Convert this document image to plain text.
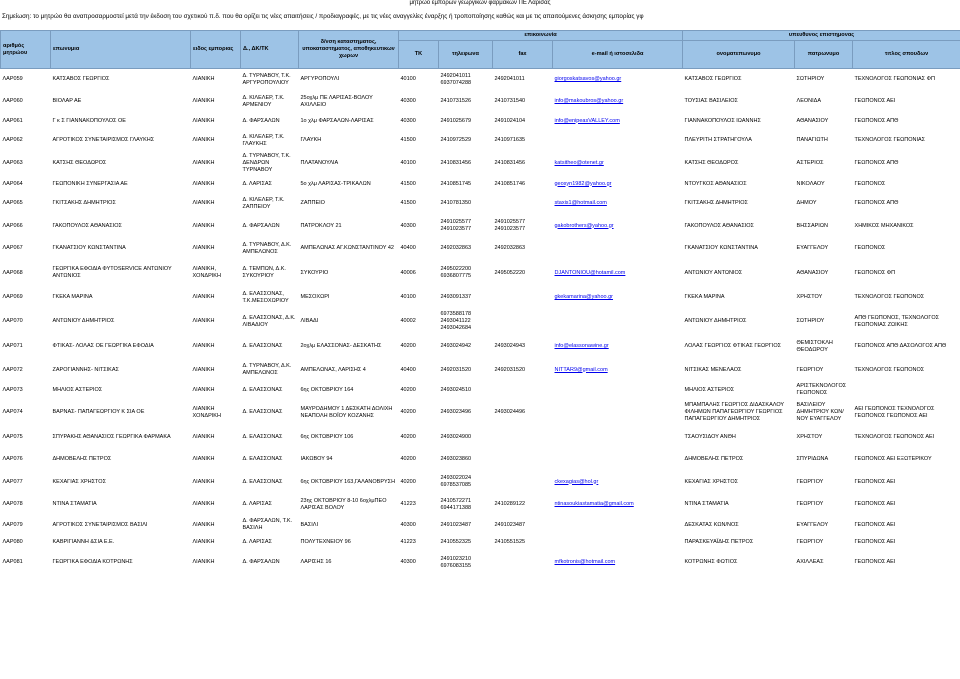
μητρώο εμπόρων γεωργικών φαρμάκων ΠΕ Λάρισας
Σημείωση: το μητρώο θα αναπροσαρμοστεί μετά την έκδοση του σχετικού π.δ. που θα ορίζει τις νέες απαιτήσεις / προδιαγραφές, με τις νέες αναγγελίες έναρξης ή τροποποίησης καθώς και με τις απαιτούμενες άσκησης εμπορίας γφ
αριθμός μητρώου	επωνυμια	ειδος εμποριας	Δ., ΔΚ/ΤΚ	δ/νση καταστηματος, υποκαταστηματος, αποθηκευτικων χωρων	επικοινωνία				υπευθυνος επιστημονας		
					ΤΚ	τηλεφωνα	fax	e-mail ή ιστοσελιδα	ονοματεπωνυμο	πατρωνυμο	τιτλος σπουδων
ΛΑΡ059	ΚΑΤΣΑΒΟΣ ΓΕΩΡΓΙΟΣ	ΛΙΑΝΙΚΗ	Δ. ΤΥΡΝΑΒΟΥ, Τ.Κ. ΑΡΓΥΡΟΠΟΥΛΙΟΥ	ΑΡΓΥΡΟΠΟΥΛΙ	40100	2492041011 6937074288	2492041011	giorgoskatsavos@yahoo.gr	ΚΑΤΣΑΒΟΣ ΓΕΩΡΓΙΟΣ	ΣΩΤΗΡΙΟΥ	ΤΕΧΝΟΛΟΓΟΣ ΓΕΩΠΟΝΙΑΣ ΦΠ
ΛΑΡ060	ΒΙΟΛΑΡ ΑΕ	ΛΙΑΝΙΚΗ	Δ. ΚΙΛΕΛΕΡ, Τ.Κ. ΑΡΜΕΝΙΟΥ	25οχλμ ΠΕ ΛΑΡΙΣΑΣ-ΒΟΛΟΥ ΑΧΙΛΛΕΙΟ	40300	2410731526	2410731540	info@makoubros@yahoo.gr	ΤΟΥΣΙΑΣ ΒΑΣΙΛΕΙΟΣ	ΛΕΟΝΙΔΑ	ΓΕΩΠΟΝΟΣ ΑΕΙ
ΛΑΡ061	Γ κ Σ ΓΙΑΝΝΑΚΟΠΟΥΛΟΣ ΟΕ	ΛΙΑΝΙΚΗ	Δ. ΦΑΡΣΑΛΩΝ	1ο χλμ ΦΑΡΣΑΛΩΝ-ΛΑΡΙΣΑΣ	40300	2491025679	2491024104	info@enipeasVALLEY.com	ΓΙΑΝΝΑΚΟΠΟΥΛΟΣ ΙΩΑΝΝΗΣ	ΑΘΑΝΑΣΙΟΥ	ΓΕΩΠΟΝΟΣ ΑΠΘ
ΛΑΡ062	ΑΓΡΟΤΙΚΟΣ ΣΥΝΕΤΑΙΡΙΣΜΟΣ ΓΛΑΥΚΗΣ	ΛΙΑΝΙΚΗ	Δ. ΚΙΛΕΛΕΡ, Τ.Κ. ΓΛΑΥΚΗΣ	ΓΛΑΥΚΗ	41500	2410972529	2410971635		ΠΛΕΥΡΙΤΗ ΣΤΡΑΤΗΓΟΥΛΑ	ΠΑΝΑΓΙΩΤΗ	ΤΕΧΝΟΛΟΓΟΣ ΓΕΩΠΟΝΙΑΣ
ΛΑΡ063	ΚΑΤΣΗΣ ΘΕΟΔΩΡΟΣ	ΛΙΑΝΙΚΗ	Δ. ΤΥΡΝΑΒΟΥ, Τ.Κ. ΔΕΝΔΡΩΝ ΤΥΡΝΑΒΟΥ	ΠΛΑΤΑΝΟΥΛΙΑ	40100	2410831456	2410831456	katsitheo@otenet.gr	ΚΑΤΣΗΣ ΘΕΟΔΩΡΟΣ	ΑΣΤΕΡΙΟΣ	ΓΕΩΠΟΝΟΣ ΑΠΘ
ΛΑΡ064	ΓΕΩΠΟΝΙΚΗ ΣΥΝΕΡΓΑΣΙΑ ΑΕ	ΛΙΑΝΙΚΗ	Δ. ΛΑΡΙΣΑΣ	5ο χλμ ΛΑΡΙΣΑΣ-ΤΡΙΚΑΛΩΝ	41500	2410851745	2410851746	geosyn1982@yahoo.gr	ΝΤΟΥΓΚΟΣ ΑΘΑΝΑΣΙΟΣ	ΝΙΚΟΛΑΟΥ	ΓΕΩΠΟΝΟΣ
ΛΑΡ065	ΓΚΙΤΣΑΚΗΣ ΔΗΜΗΤΡΙΟΣ	ΛΙΑΝΙΚΗ	Δ. ΚΙΛΕΛΕΡ, Τ.Κ. ΖΑΠΠΕΙΟΥ	ΖΑΠΠΕΙΟ	41500	2410781350		staxis1@hotmail.com	ΓΚΙΤΣΑΚΗΣ ΔΗΜΗΤΡΙΟΣ	ΔΗΜΟΥ	ΓΕΩΠΟΝΟΣ ΑΠΘ
ΛΑΡ066	ΓΑΚΟΠΟΥΛΟΣ ΑΘΑΝΑΣΙΟΣ	ΛΙΑΝΙΚΗ	Δ. ΦΑΡΣΑΛΩΝ	ΠΑΤΡΟΚΛΟΥ 21	40300	2491025577 2491023577	2491025577 2491023577	gakobrothers@yahoo.gr	ΓΑΚΟΠΟΥΛΟΣ ΑΘΑΝΑΣΙΟΣ	ΒΗΣΣΑΡΙΩΝ	ΧΗΜΙΚΟΣ ΜΗΧΑΝΙΚΟΣ
ΛΑΡ067	ΓΚΑΝΑΤΣΙΟΥ ΚΩΝΣΤΑΝΤΙΝΑ	ΛΙΑΝΙΚΗ	Δ. ΤΥΡΝΑΒΟΥ, Δ.Κ. ΑΜΠΕΛΩΝΟΣ	ΑΜΠΕΛΩΝΑΣ ΑΓ.ΚΩΝΣΤΑΝΤΙΝΟΥ 42	40400	2492032863	2492032863		ΓΚΑΝΑΤΣΙΟΥ ΚΩΝΣΤΑΝΤΙΝΑ	ΕΥΑΓΓΕΛΟΥ	ΓΕΩΠΟΝΟΣ
ΛΑΡ068	ΓΕΩΡΓΙΚΑ ΕΦΟΔΙΑ ΦΥΤΟSERVICE ΑΝΤΩΝΙΟΥ ΑΝΤΩΝΙΟΣ	ΛΙΑΝΙΚΗ, ΧΟΝΔΡΙΚΗ	Δ. ΤΕΜΠΩΝ, Δ.Κ. ΣΥΚΟΥΡΙΟΥ	ΣΥΚΟΥΡΙΟ	40006	2495022200 6936807775	2495052220	DJANTONIOU@hotamil.com	ΑΝΤΩΝΙΟΥ ΑΝΤΩΝΙΟΣ	ΑΘΑΝΑΣΙΟΥ	ΓΕΩΠΟΝΟΣ ΦΠ
ΛΑΡ069	ΓΚΕΚΑ ΜΑΡΙΝΑ	ΛΙΑΝΙΚΗ	Δ. ΕΛΑΣΣΟΝΑΣ, Τ.Κ.ΜΕΣΟΧΩΡΙΟΥ	ΜΕΣΟΧΩΡΙ	40100	2493091337		gkekamarina@yahoo.gr	ΓΚΕΚΑ ΜΑΡΙΝΑ	ΧΡΗΣΤΟΥ	ΤΕΧΝΟΛΟΓΟΣ ΓΕΩΠΟΝΟΣ
ΛΑΡ070	ΑΝΤΩΝΙΟΥ ΔΗΜΗΤΡΙΟΣ	ΛΙΑΝΙΚΗ	Δ. ΕΛΑΣΣΟΝΑΣ, Δ.Κ. ΛΙΒΑΔΙΟΥ	ΛΙΒΑΔΙ	40002	6973588178 2493041122 2493042684			ΑΝΤΩΝΙΟΥ ΔΗΜΗΤΡΙΟΣ	ΣΩΤΗΡΙΟΥ	ΑΠΘ ΓΕΩΠΟΝΟΣ, ΤΕΧΝΟΛΟΓΟΣ ΓΕΩΠΟΝΙΑΣ ΖΩΙΚΗΣ
ΛΑΡ071	ΦΤΙΚΑΣ- ΛΟΛΑΣ ΟΕ ΓΕΩΡΓΙΚΑ ΕΦΟΔΙΑ	ΛΙΑΝΙΚΗ	Δ. ΕΛΑΣΣΟΝΑΣ	2οχλμ ΕΛΑΣΣΟΝΑΣ- ΔΕΣΚΑΤΗΣ	40200	2493024942	2493024943	info@elassonawine.gr	ΛΟΛΑΣ ΓΕΩΡΓΙΟΣ ΦΤΙΚΑΣ ΓΕΩΡΓΙΟΣ	ΘΕΜΙΣΤΟΚΛΗ ΘΕΟΔΩΡΟΥ	ΓΕΩΠΟΝΟΣ ΑΠΘ ΔΑΣΟΛΟΓΟΣ ΑΠΘ
ΛΑΡ072	ΖΑΡΟΓΙΑΝΝΗΣ- ΝΙΤΣΙΚΑΣ	ΛΙΑΝΙΚΗ	Δ. ΤΥΡΝΑΒΟΥ, Δ.Κ. ΑΜΠΕΛΩΝΟΣ	ΑΜΠΕΛΩΝΑΣ, ΛΑΡΙΣΗΣ 4	40400	2492031520	2492031520	NITTAR9@gmail.com	ΝΙΤΣΙΚΑΣ ΜΕΝΕΛΑΟΣ	ΓΕΩΡΓΙΟΥ	ΤΕΧΝΟΛΟΓΟΣ ΓΕΩΠΟΝΟΣ
ΛΑΡ073	ΜΗΛΙΟΣ ΑΣΤΕΡΙΟΣ	ΛΙΑΝΙΚΗ	Δ. ΕΛΑΣΣΟΝΑΣ	6ης ΟΚΤΩΒΡΙΟΥ 164	40200	2493024510			ΜΗΛΙΟΣ ΑΣΤΕΡΙΟΣ	ΑΡΙΣΤΕΚΝΟΛΟΓΟΣ ΓΕΩΠΟΝΟΣ	
ΛΑΡ074	ΒΑΡΝΑΣ- ΠΑΠΑΓΕΩΡΓΙΟΥ Κ ΣΙΑ ΟΕ	ΛΙΑΝΙΚΗ ΧΟΝΔΡΙΚΗ	Δ. ΕΛΑΣΣΟΝΑΣ	ΜΑΥΡΟΔΗΜΟΥ 1 ΔΕΣΚΑΤΗ ΔΟΛΙΧΗ ΝΕΑΠΟΛΗ ΒΟΪΟΥ ΚΟΖΑΝΗΣ	40200	2493023496	2493024496		ΜΠΑΜΠΑΛΗΣ ΓΕΩΡΓΙΟΣ ΔΙΔΑΣΚΑΛΟΥ ΦΙΛΗΜΩΝ ΠΑΠΑΓΕΩΡΓΙΟΥ ΓΕΩΡΓΙΟΣ ΠΑΠΑΓΕΩΡΓΙΟΥ ΔΗΜΗΤΡΙΟΣ	ΒΑΣΙΛΕΙΟΥ ΔΗΜΗΤΡΙΟΥ ΚΩΝ/ΝΟΥ ΕΥΑΓΓΕΛΟΥ	ΑΕΙ ΓΕΩΠΟΝΟΣ ΤΕΧΝΟΛΟΓΟΣ ΓΕΩΠΟΝΟΣ ΓΕΩΠΟΝΟΣ ΑΕΙ
ΛΑΡ075	ΣΠΥΡΑΚΗΣ ΑΘΑΝΑΣΙΟΣ ΓΕΩΡΓΙΚΑ ΦΑΡΜΑΚΑ	ΛΙΑΝΙΚΗ	Δ. ΕΛΑΣΣΟΝΑΣ	6ης ΟΚΤΩΒΡΙΟΥ 106	40200	2493024900			ΤΣΑΟΥΣΙΔΟΥ ΑΝΘΗ	ΧΡΗΣΤΟΥ	ΤΕΧΝΟΛΟΓΟΣ ΓΕΩΠΟΝΟΣ ΑΕΙ
ΛΑΡ076	ΔΗΜΟΒΕΛΗΣ ΠΕΤΡΟΣ	ΛΙΑΝΙΚΗ	Δ. ΕΛΑΣΣΟΝΑΣ	ΙΑΚΩΒΟΥ 94	40200	2493023860			ΔΗΜΟΒΕΛΗΣ ΠΕΤΡΟΣ	ΣΠΥΡΙΔΩΝΑ	ΓΕΩΠΟΝΟΣ ΑΕΙ ΕΞΩΤΕΡΙΚΟΥ
ΛΑΡ077	ΚΕΧΑΓΙΑΣ ΧΡΗΣΤΟΣ	ΛΙΑΝΙΚΗ	Δ. ΕΛΑΣΣΟΝΑΣ	6ης ΟΚΤΩΒΡΙΟΥ 163,ΓΑΛΑΝΟΒΡΥΣΗ	40200	2493022024 6978537085		ckexagias@hol.gr	ΚΕΧΑΓΙΑΣ ΧΡΗΣΤΟΣ	ΓΕΩΡΓΙΟΥ	ΓΕΩΠΟΝΟΣ ΑΕΙ
ΛΑΡ078	ΝΤΙΝΑ ΣΤΑΜΑΤΙΑ	ΛΙΑΝΙΚΗ	Δ. ΛΑΡΙΣΑΣ	23ης ΟΚΤΩΒΡΙΟΥ 8-10 6οχλμΠΕΟ ΛΑΡΙΣΑΣ ΒΟΛΟΥ	41223	2410572271 6944171388	2410289122	ntinasoukiastamatia@gmail.com	ΝΤΙΝΑ ΣΤΑΜΑΤΙΑ	ΓΕΩΡΓΙΟΥ	ΓΕΩΠΟΝΟΣ ΑΕΙ
ΛΑΡ079	ΑΓΡΟΤΙΚΟΣ ΣΥΝΕΤΑΙΡΙΣΜΟΣ ΒΑΣΙΛΙ	ΛΙΑΝΙΚΗ	Δ. ΦΑΡΣΑΛΩΝ, Τ.Κ. ΒΑΣΙΛΗ	ΒΑΣΙΛΙ	40300	2491023487	2491023487		ΔΕΣΚΑΤΑΣ ΚΩΝ/ΝΟΣ	ΕΥΑΓΓΕΛΟΥ	ΓΕΩΠΟΝΟΣ ΑΕΙ
ΛΑΡ080	ΚΑΒΡΙΓΙΑΝΝΗ &ΣΙΑ Ε.Ε.	ΛΙΑΝΙΚΗ	Δ. ΛΑΡΙΣΑΣ	ΠΟΛΥΤΕΧΝΕΙΟΥ 96	41223	2410552325	2410551525		ΠΑΡΑΣΚΕΥΑΪΔΗΣ ΠΕΤΡΟΣ	ΓΕΩΡΓΙΟΥ	ΓΕΩΠΟΝΟΣ ΑΕΙ
ΛΑΡ081	ΓΕΩΡΓΙΚΑ ΕΦΟΔΙΑ ΚΟΤΡΩΝΗΣ	ΛΙΑΝΙΚΗ	Δ. ΦΑΡΣΑΛΩΝ	ΛΑΡΙΣΗΣ 16	40300	2491023210 6976083155		mfkotronis@hotmail.com	ΚΟΤΡΩΝΗΣ ΦΩΤΙΟΣ	ΑΧΙΛΛΕΑΣ	ΓΕΩΠΟΝΟΣ ΑΕΙ
